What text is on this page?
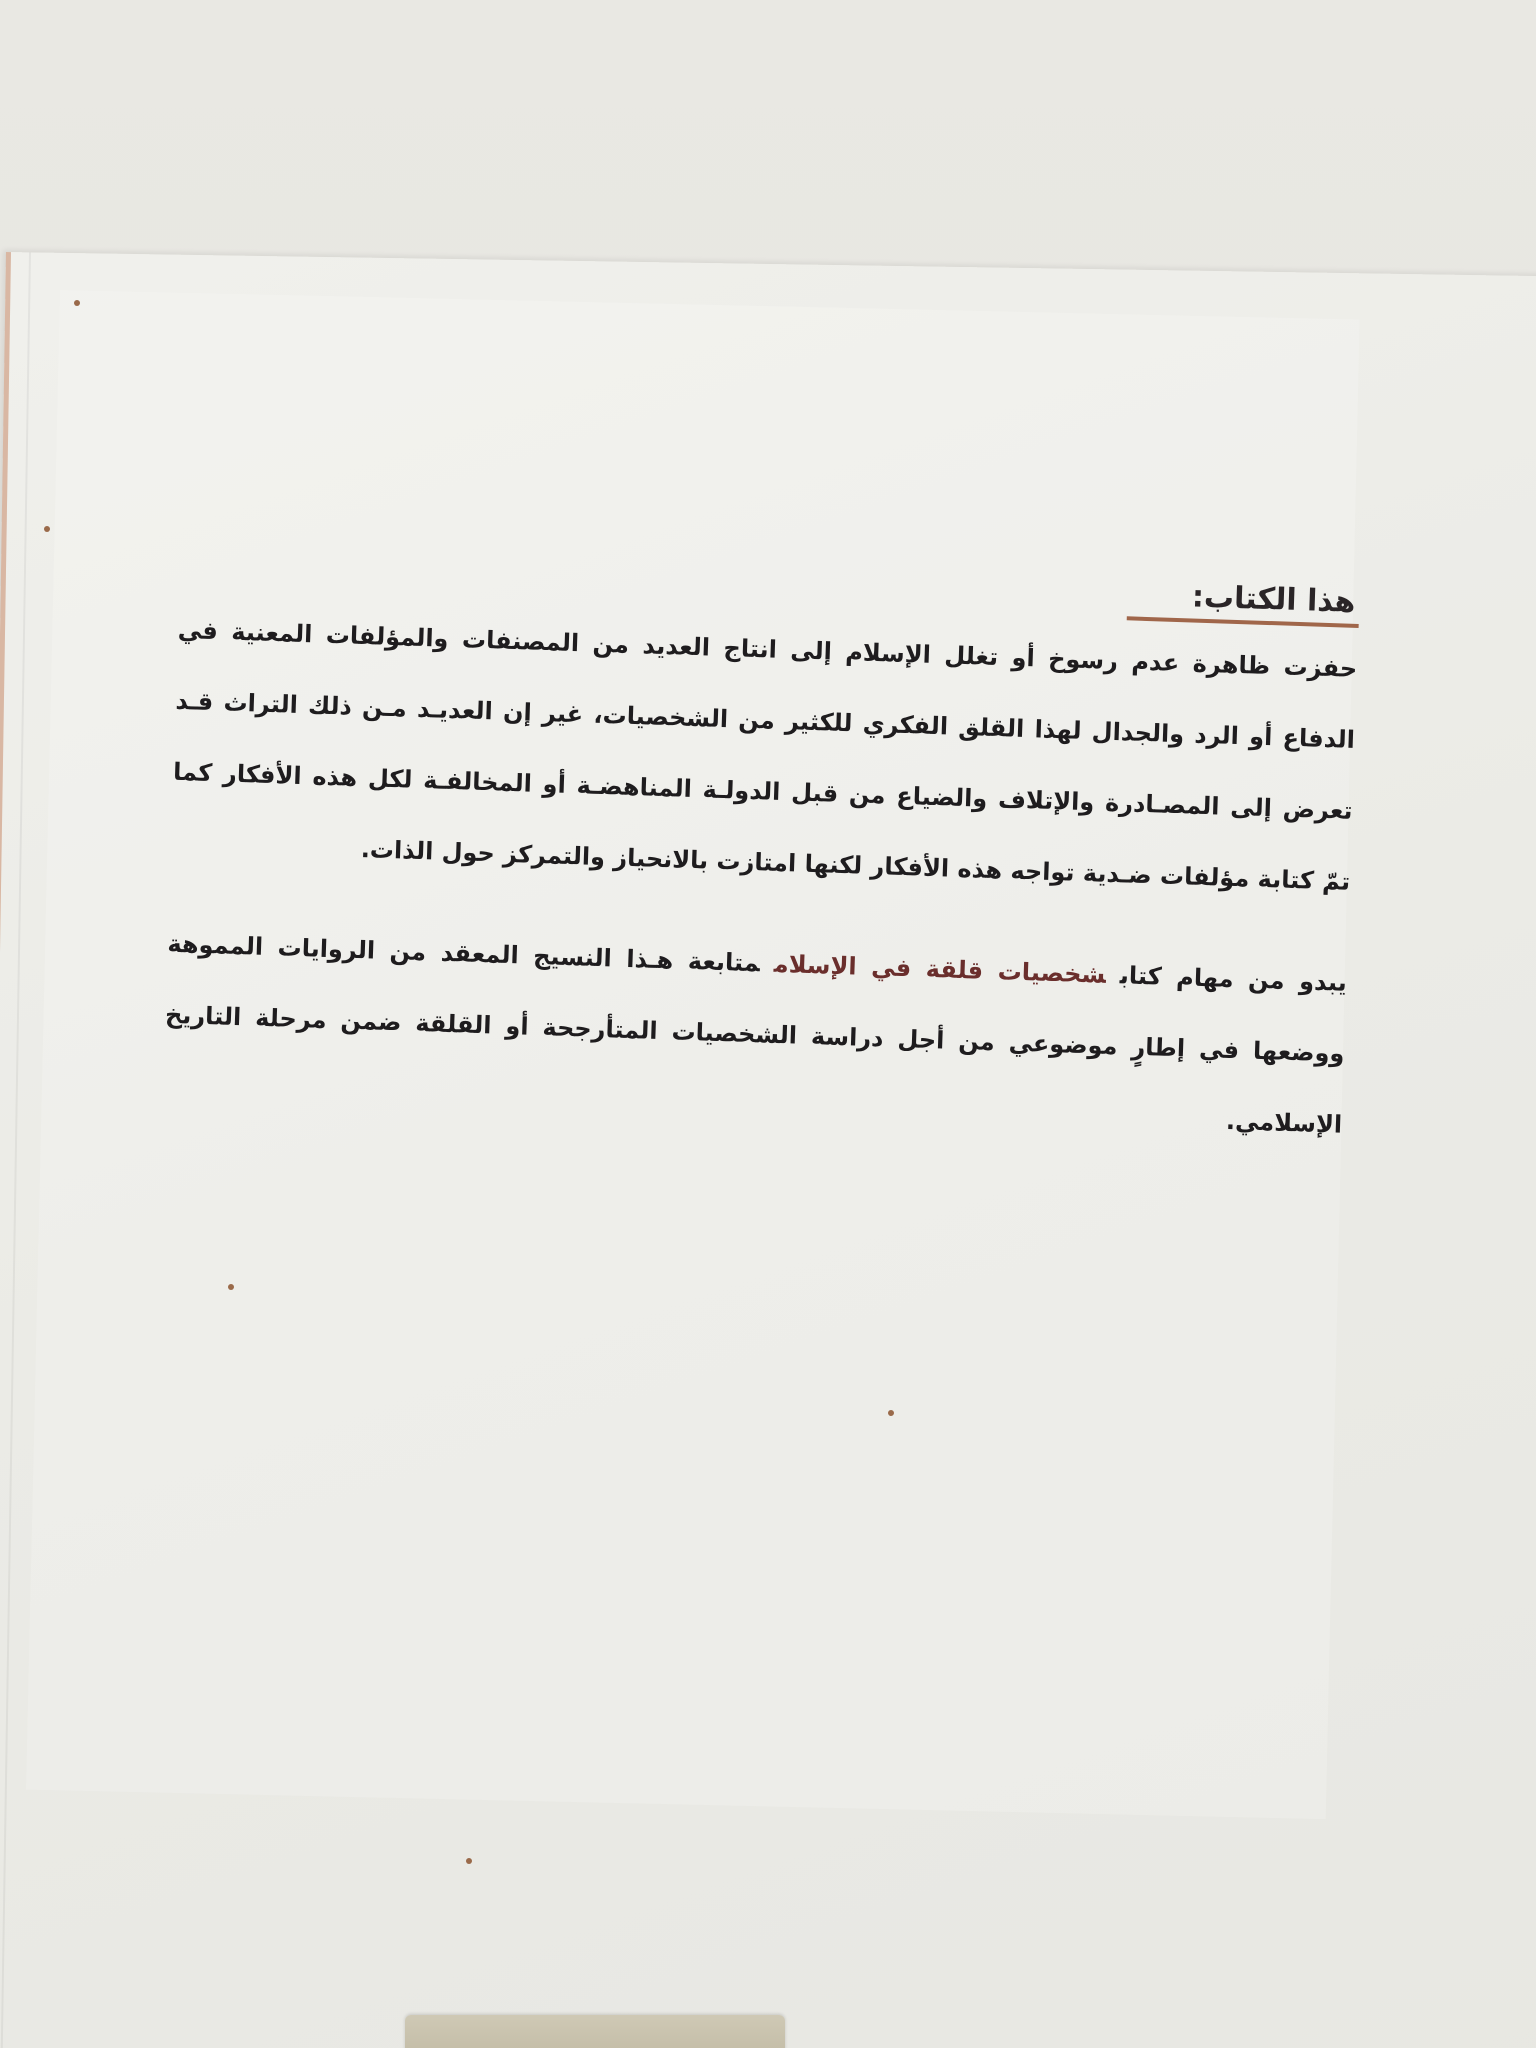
هذا الكتاب:

حفزت ظاهرة عدم رسوخ أو تغلل الإسلام إلى انتاج العديد من المصنفات والمؤلفات المعنية في الدفاع أو الرد والجدال لهذا القلق الفكري للكثير من الشخصيات، غير إن العديـد مـن ذلك التراث قـد تعرض إلى المصـادرة والإتلاف والضياع من قبل الدولـة المناهضـة أو المخالفـة لكل هذه الأفكار كما تمّ كتابة مؤلفات ضـدية تواجه هذه الأفكار لكنها امتازت بالانحياز والتمركز حول الذات.

يبدو من مهام كتابشخصيات قلقة في الإسلاممتابعة هـذا النسيج المعقد من الروايات المموهة ووضعها في إطارٍ موضوعي من أجل دراسة الشخصيات المتأرجحة أو القلقة ضمن مرحلة التاريخ الإسلامي.
